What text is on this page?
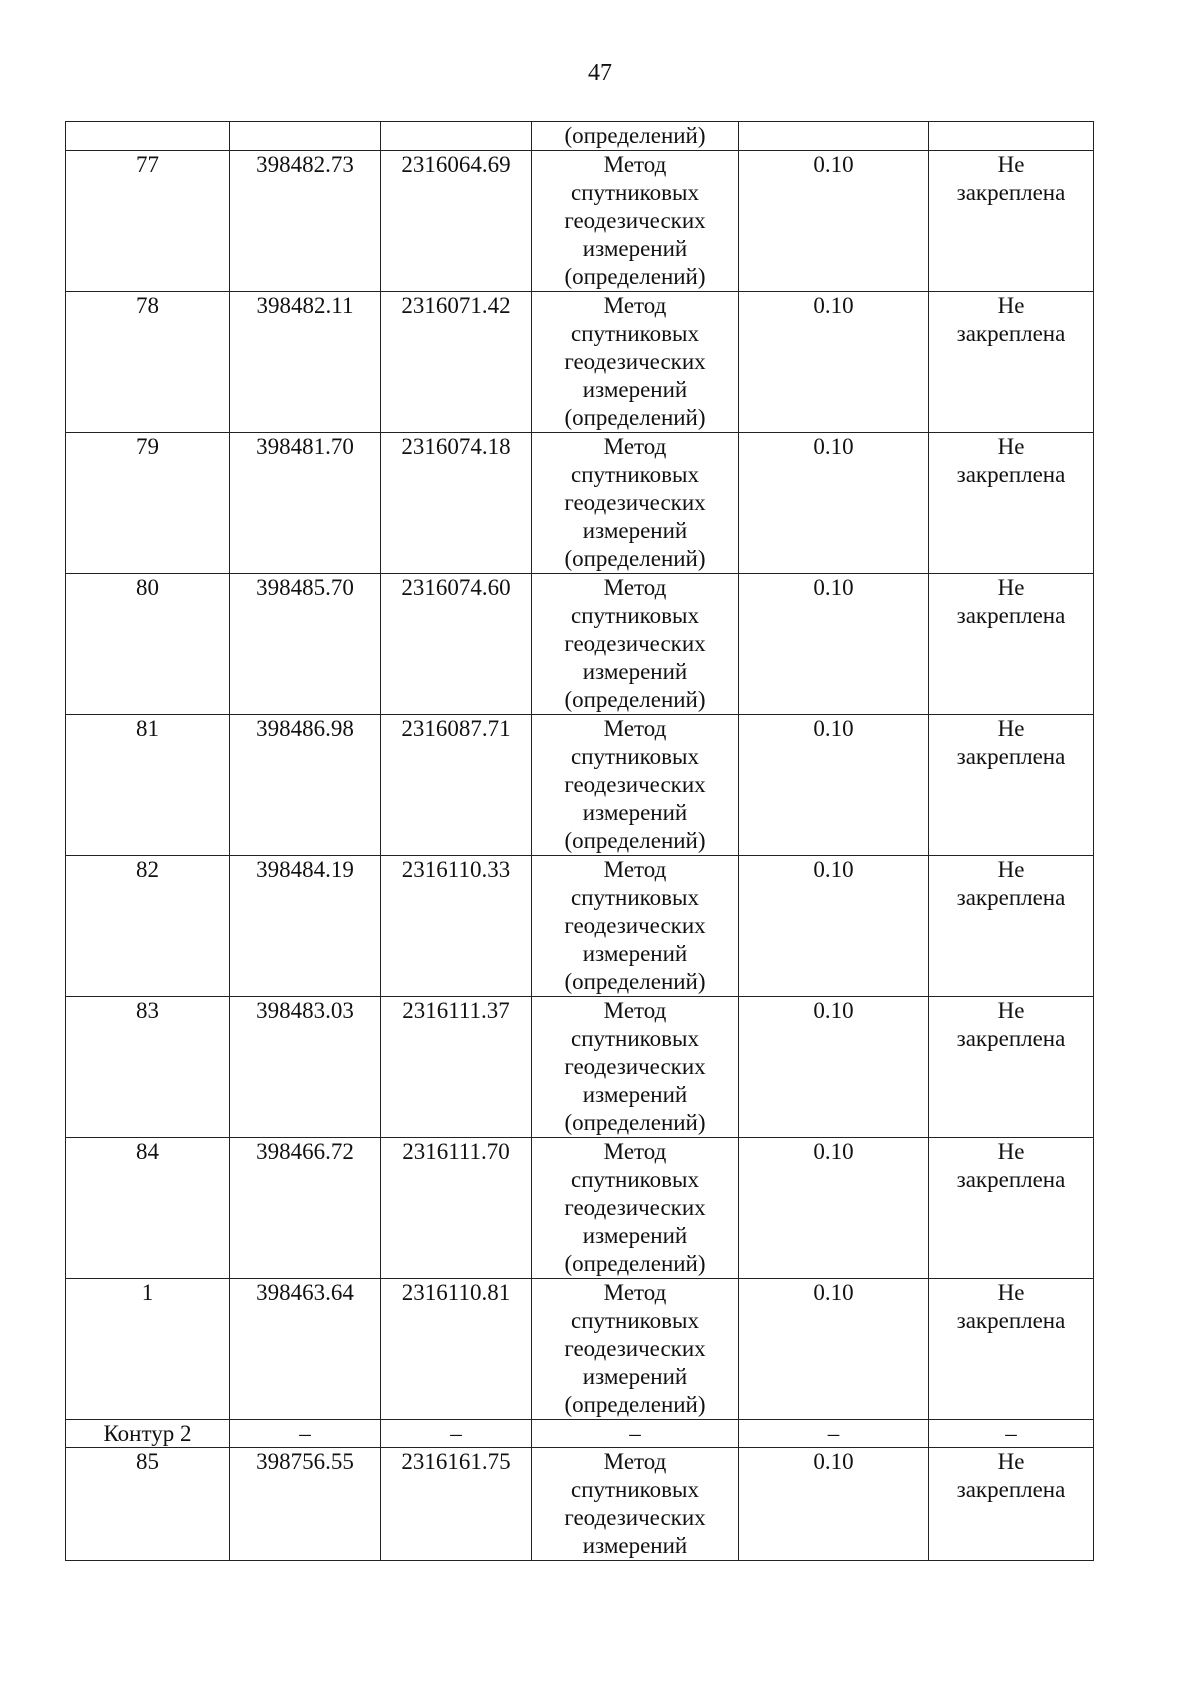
47
			(определений)		
77	398482.73	2316064.69	Метод
спутниковых
геодезических
измерений
(определений)	0.10	Не
закреплена

78	398482.11	2316071.42	Метод
спутниковых
геодезических
измерений
(определений)	0.10	Не
закреплена

79	398481.70	2316074.18	Метод
спутниковых
геодезических
измерений
(определений)	0.10	Не
закреплена

80	398485.70	2316074.60	Метод
спутниковых
геодезических
измерений
(определений)	0.10	Не
закреплена

81	398486.98	2316087.71	Метод
спутниковых
геодезических
измерений
(определений)	0.10	Не
закреплена

82	398484.19	2316110.33	Метод
спутниковых
геодезических
измерений
(определений)	0.10	Не
закреплена

83	398483.03	2316111.37	Метод
спутниковых
геодезических
измерений
(определений)	0.10	Не
закреплена

84	398466.72	2316111.70	Метод
спутниковых
геодезических
измерений
(определений)	0.10	Не
закреплена

1	398463.64	2316110.81	Метод
спутниковых
геодезических
измерений
(определений)	0.10	Не
закреплена

Контур 2	–	–	–	–	–
85	398756.55	2316161.75	Метод
спутниковых
геодезических
измерений	0.10	Не
закреплена
